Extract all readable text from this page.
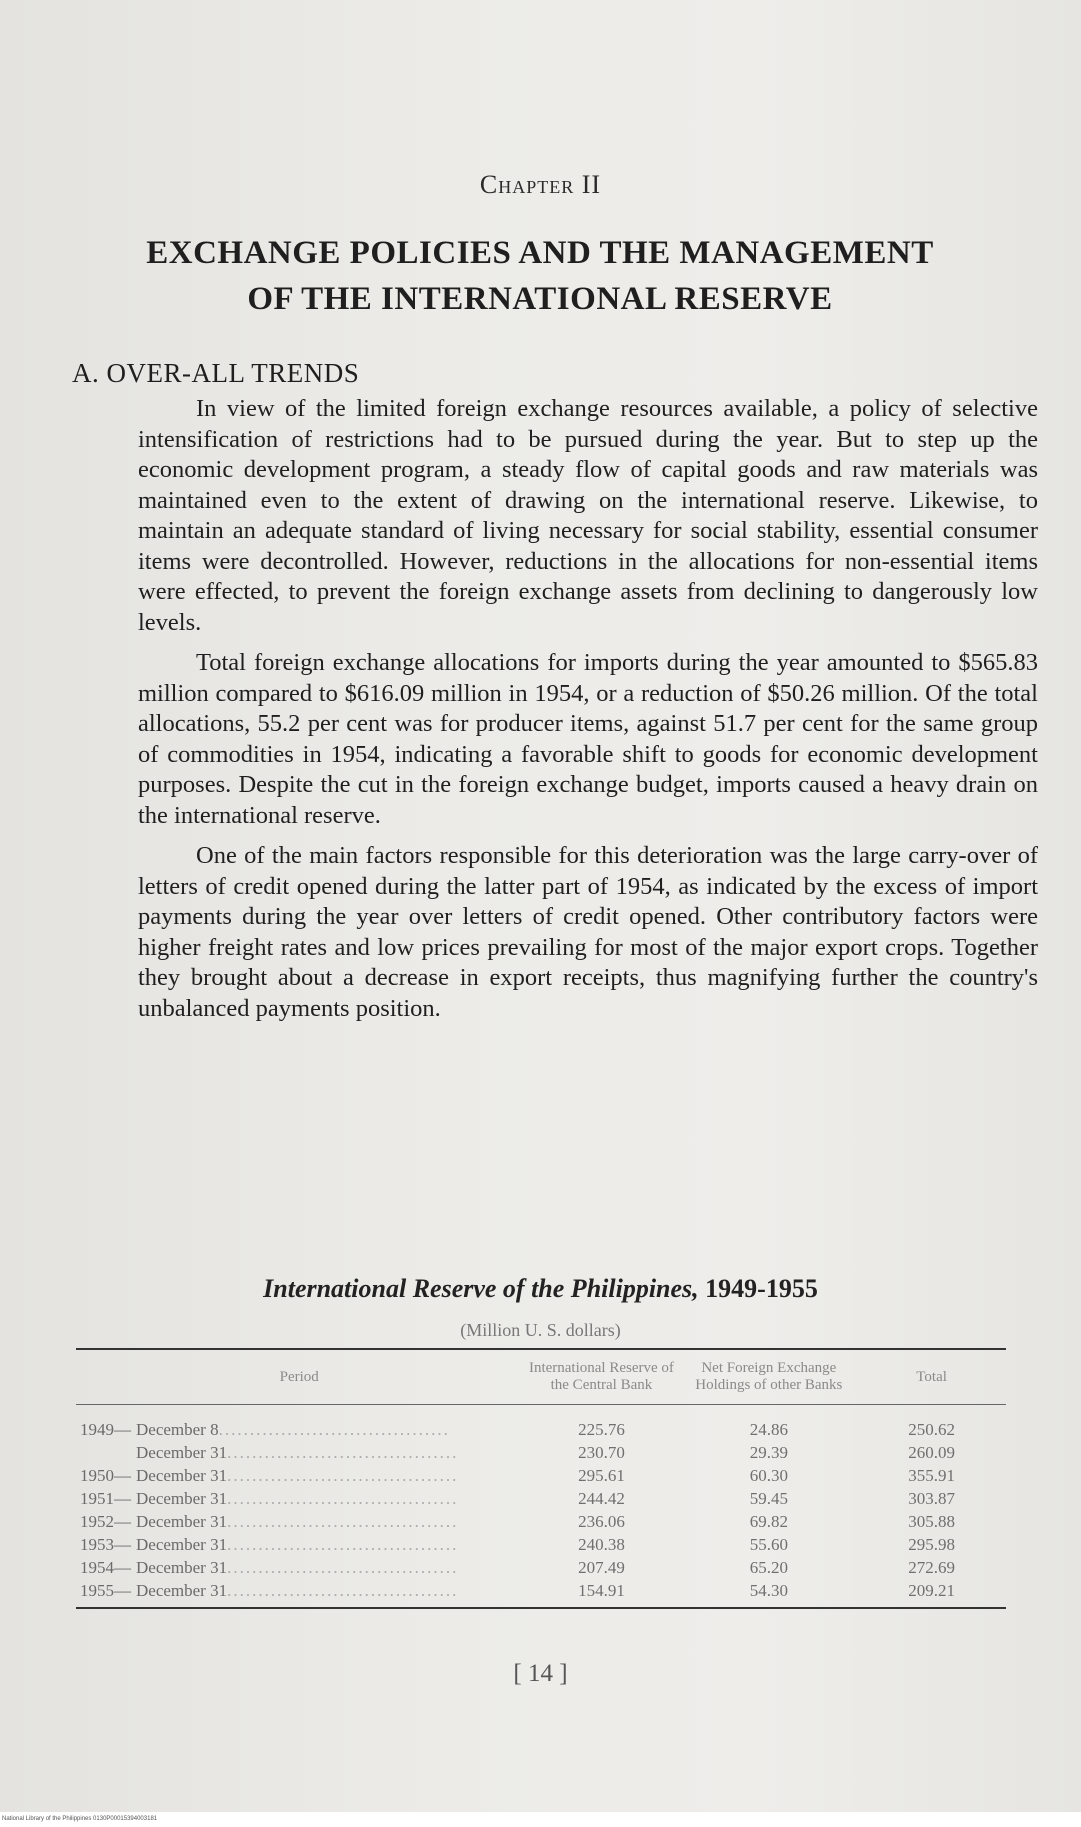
Chapter II
EXCHANGE POLICIES AND THE MANAGEMENT
OF THE INTERNATIONAL RESERVE
A. OVER-ALL TRENDS

In view of the limited foreign exchange resources available, a policy of selective intensification of restrictions had to be pursued during the year. But to step up the economic development program, a steady flow of capital goods and raw materials was maintained even to the extent of drawing on the international reserve. Likewise, to maintain an adequate standard of living necessary for social stability, essential consumer items were decontrolled. However, reductions in the allocations for non-essential items were effected, to prevent the foreign exchange assets from declining to dangerously low levels.

Total foreign exchange allocations for imports during the year amounted to $565.83 million compared to $616.09 million in 1954, or a reduction of $50.26 million. Of the total allocations, 55.2 per cent was for producer items, against 51.7 per cent for the same group of commodities in 1954, indicating a favorable shift to goods for economic development purposes. Despite the cut in the foreign exchange budget, imports caused a heavy drain on the international reserve.

One of the main factors responsible for this deterioration was the large carry-over of letters of credit opened during the latter part of 1954, as indicated by the excess of import payments during the year over letters of credit opened. Other contributory factors were higher freight rates and low prices prevailing for most of the major export crops. Together they brought about a decrease in export receipts, thus magnifying further the country's unbalanced payments position.

International Reserve of the Philippines, 1949-1955
(Million U. S. dollars)
Period	International Reserve of the Central Bank	Net Foreign Exchange Holdings of other Banks	Total
1949— December 8.....................................	225.76	24.86	250.62
December 31.....................................	230.70	29.39	260.09
1950— December 31.....................................	295.61	60.30	355.91
1951— December 31.....................................	244.42	59.45	303.87
1952— December 31.....................................	236.06	69.82	305.88
1953— December 31.....................................	240.38	55.60	295.98
1954— December 31.....................................	207.49	65.20	272.69
1955— December 31.....................................	154.91	54.30	209.21
[ 14 ]
National Library of the Philippines 0130P00015394003181
